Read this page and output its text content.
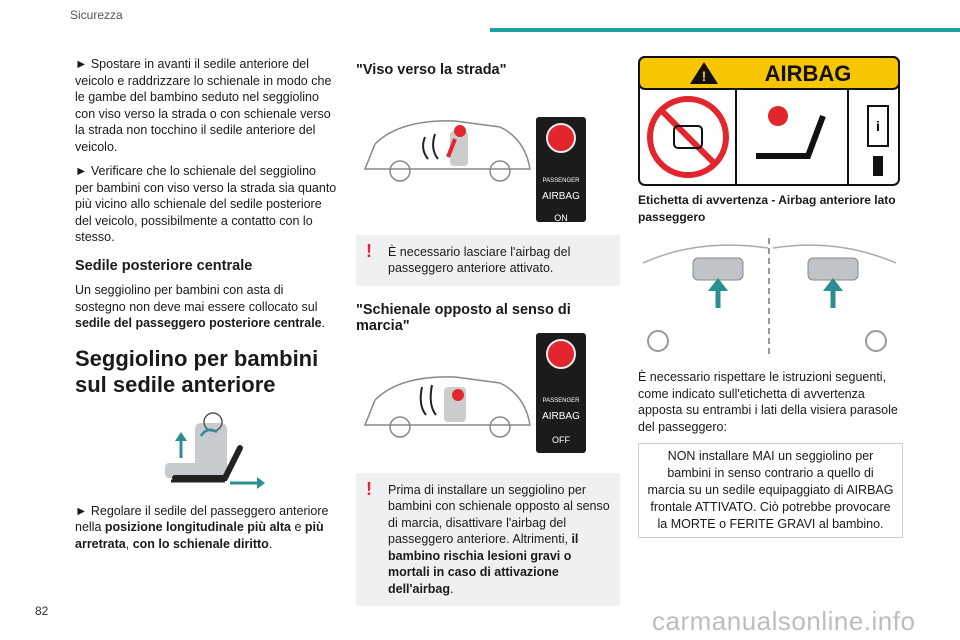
Sicurezza

► Spostare in avanti il sedile anteriore del veicolo e raddrizzare lo schienale in modo che le gambe del bambino seduto nel seggiolino con viso verso la strada o con schienale verso la strada non tocchino il sedile anteriore del veicolo.

► Verificare che lo schienale del seggiolino per bambini con viso verso la strada sia quanto più vicino allo schienale del sedile posteriore del veicolo, possibilmente a contatto con lo stesso.

Sedile posteriore centrale

Un seggiolino per bambini con asta di sostegno non deve mai essere collocato sul sedile del passeggero posteriore centrale.

Seggiolino per bambini sul sedile anteriore

► Regolare il sedile del passeggero anteriore nella posizione longitudinale più alta e più arretrata, con lo schienale diritto.

"Viso verso la strada"
PASSENGER
AIRBAG
ON
! È necessario lasciare l'airbag del passeggero anteriore attivato.
"Schienale opposto al senso di marcia"
PASSENGER
AIRBAG
OFF
! Prima di installare un seggiolino per bambini con schienale opposto al senso di marcia, disattivare l'airbag del passeggero anteriore. Altrimenti, il bambino rischia lesioni gravi o mortali in caso di attivazione dell'airbag.
!	AIRBAG
i
Etichetta di avvertenza - Airbag anteriore lato passeggero

È necessario rispettare le istruzioni seguenti, come indicato sull'etichetta di avvertenza apposta su entrambi i lati della visiera parasole del passeggero:

NON installare MAI un seggiolino per bambini in senso contrario a quello di marcia su un sedile equipaggiato di AIRBAG frontale ATTIVATO. Ciò potrebbe provocare la MORTE o FERITE GRAVI al bambino.
82	carmanualsonline.info
